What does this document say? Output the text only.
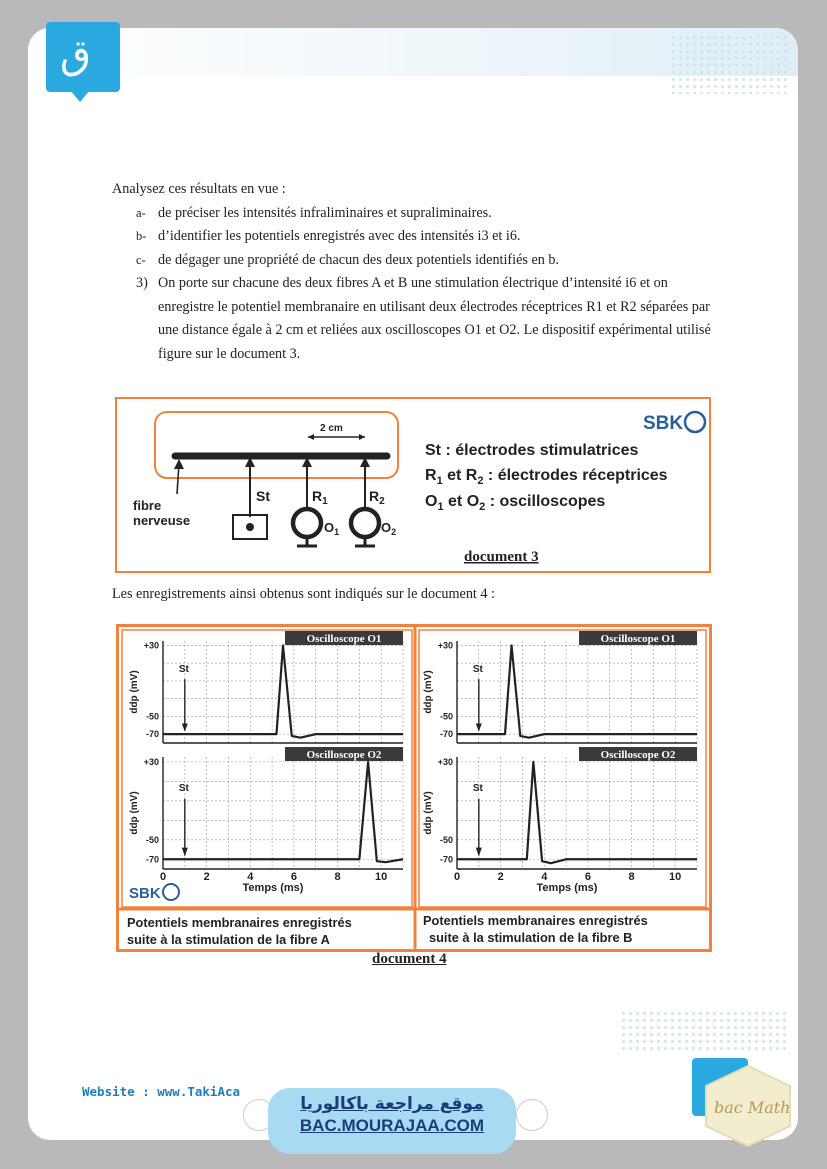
ﻕ

Analysez ces résultats en vue :

a- de préciser les intensités infraliminaires et supraliminaires.

b- d’identifier les potentiels enregistrés avec des intensités i3 et i6.

c- de dégager une propriété de chacun des deux potentiels identifiés en b.

3) On porte sur chacune des deux fibres A et B une stimulation électrique d’intensité i6 et on enregistre le potentiel membranaire en utilisant deux électrodes réceptrices R1 et R2 séparées par une distance égale à 2 cm et reliées aux oscilloscopes O1 et O2. Le dispositif expérimental utilisé figure sur le document 3.

2 cm
fibre
nerveuse
St	$R_1$	$R_2$
$O_1$	$O_2$
St : électrodes stimulatrices
$R_1$ et $R_2$ : électrodes réceptrices
$O_1$ et $O_2$ : oscilloscopes
SBK
document 3
Les enregistrements ainsi obtenus sont indiqués sur le document 4 :
+30
-50
-70
ddp (mV)
Oscilloscope O1
St
+30
-50
-70
ddp (mV)
0	2	4	6	8	10
Temps (ms)
Oscilloscope O2
St
+30
-50
-70
ddp (mV)
Oscilloscope O1
St
+30
-50
-70
ddp (mV)
0	2	4	6	8	10
Temps (ms)
Oscilloscope O2
St
Potentiels membranaires enregistrés
suite à la stimulation de la fibre A
Potentiels membranaires enregistrés
suite à la stimulation de la fibre B
SBK
document 4
Website : www.TakiAca
موقع مراجعة باكالوريا
BAC.MOURAJAA.COM
bac Math
